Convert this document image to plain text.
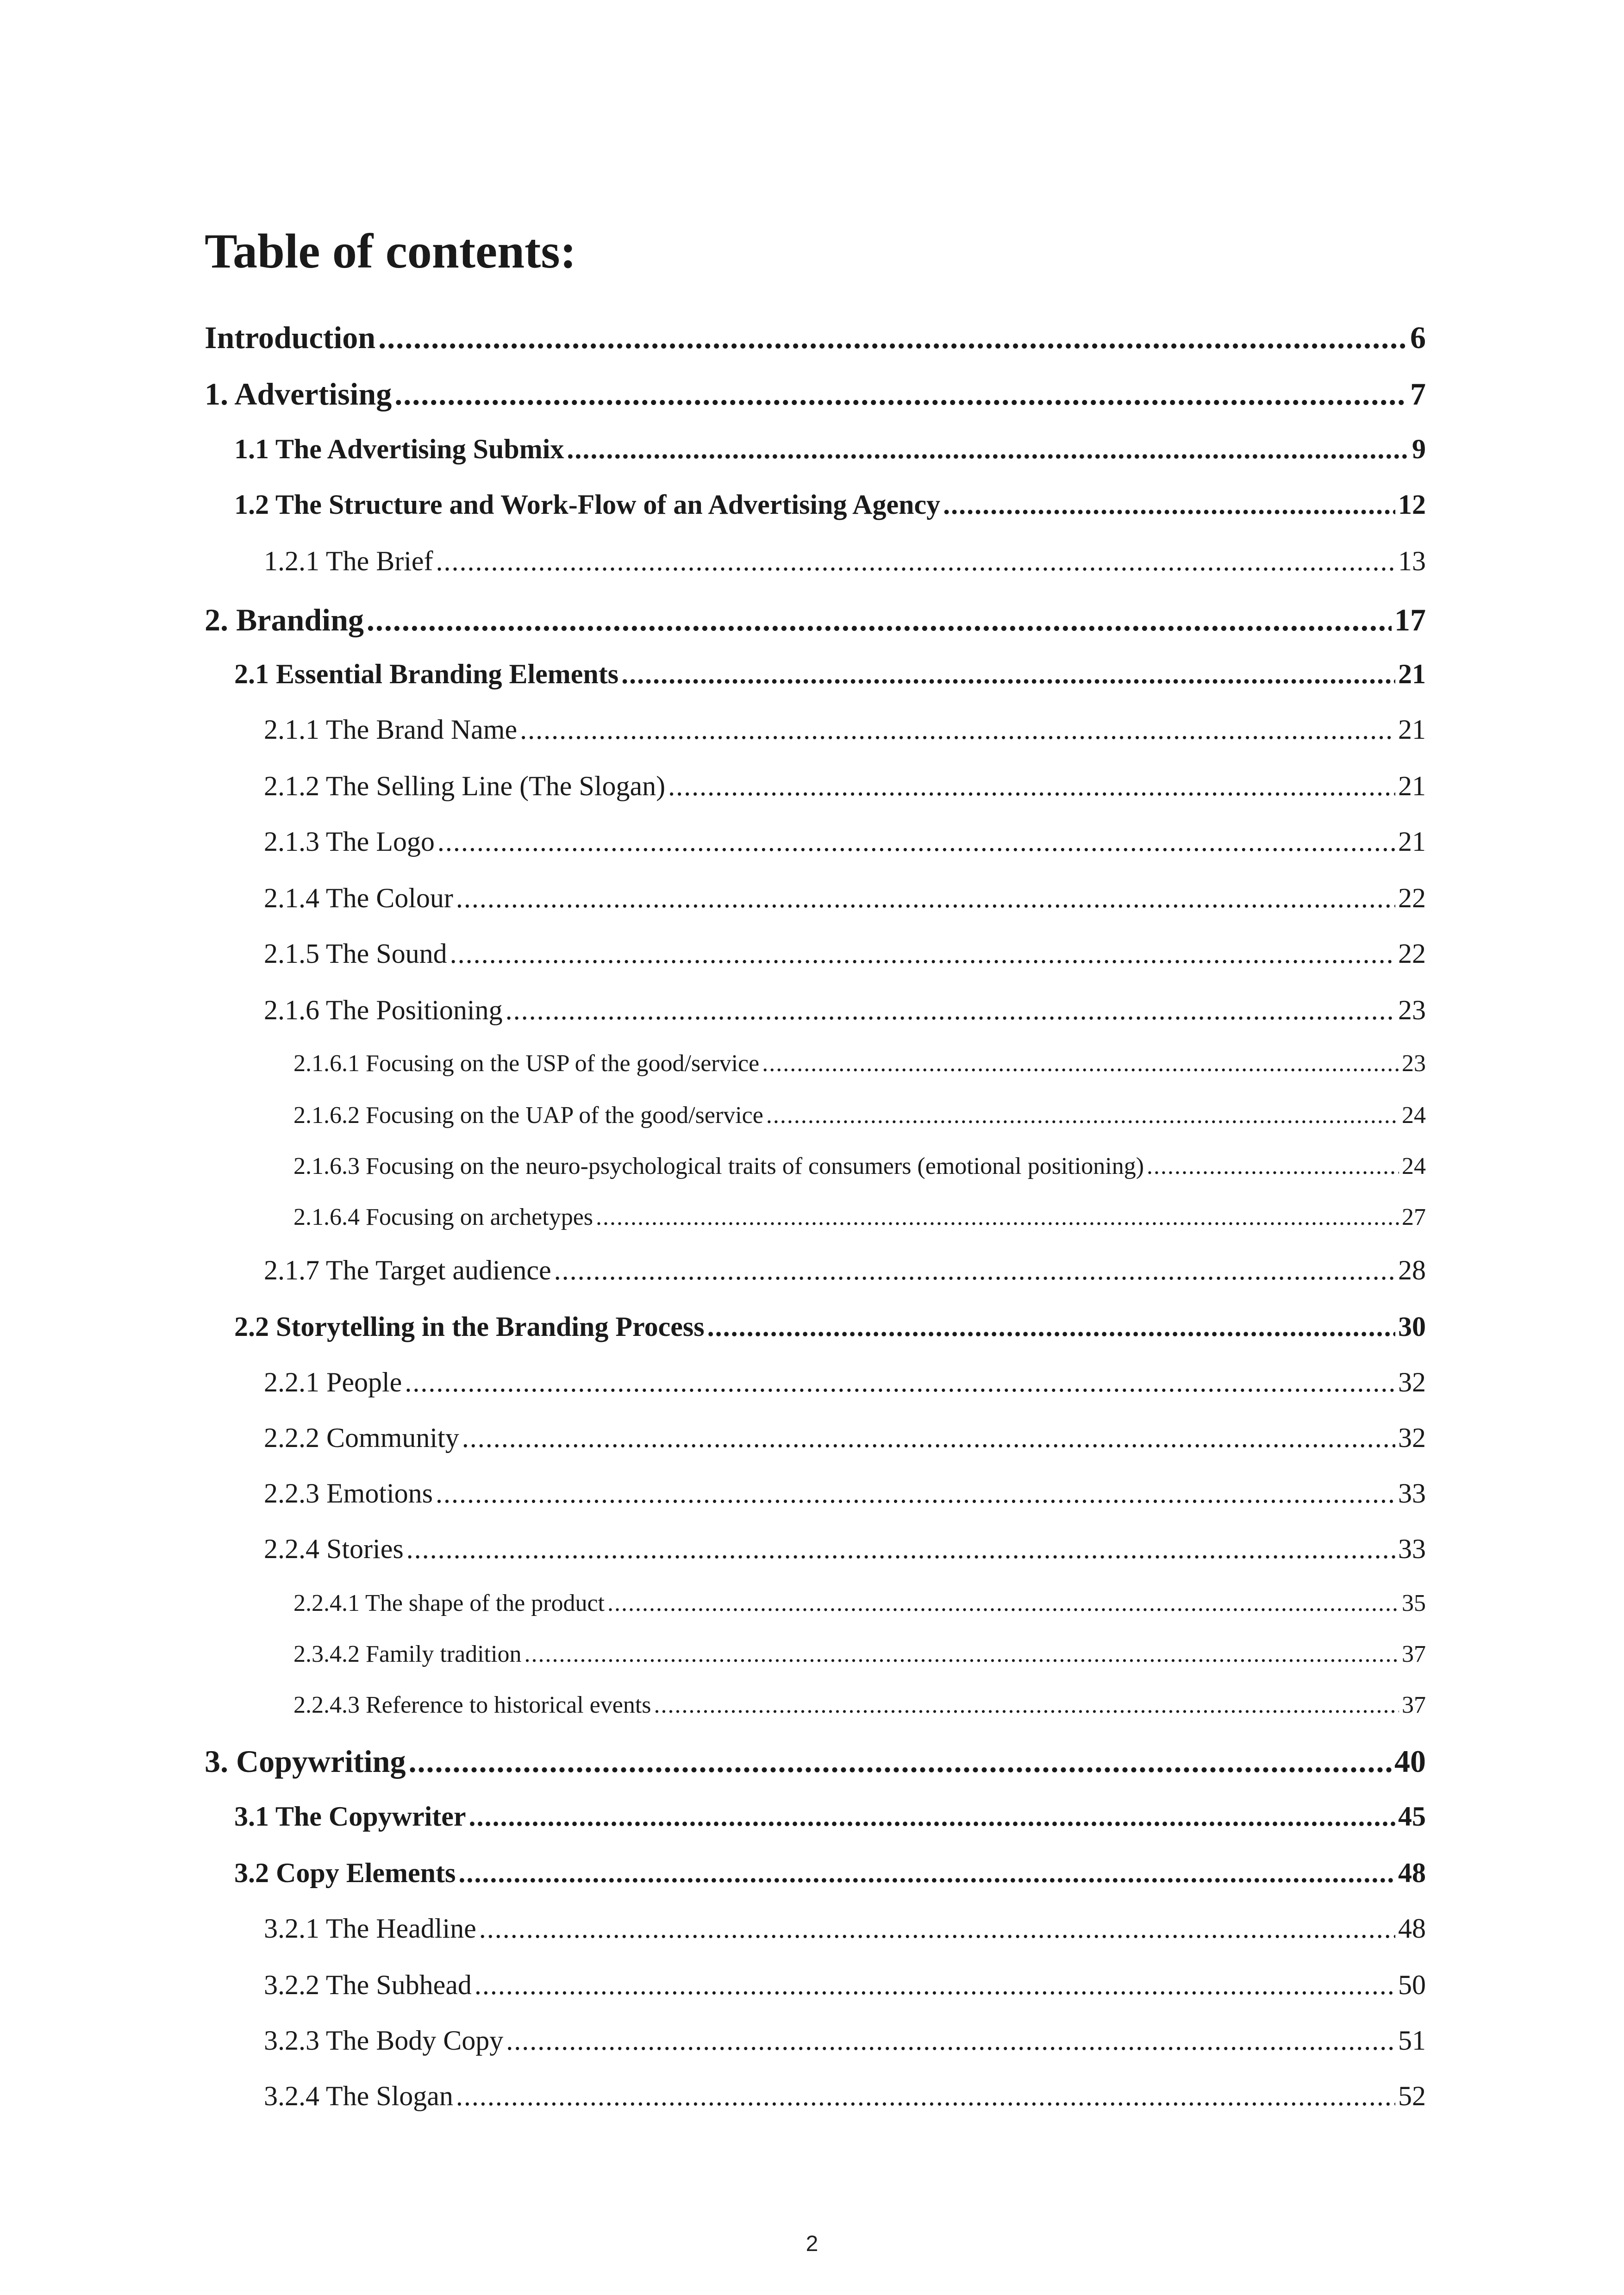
Table of contents:
Introduction .....	6
1. Advertising .....	7
1.1 The Advertising Submix .....	9
1.2 The Structure and Work-Flow of an Advertising Agency .....	12
1.2.1 The Brief .....	13
2. Branding .....	17
2.1 Essential Branding Elements .....	21
2.1.1 The Brand Name .....	21
2.1.2 The Selling Line (The Slogan) .....	21
2.1.3 The Logo .....	21
2.1.4 The Colour .....	22
2.1.5 The Sound .....	22
2.1.6 The Positioning .....	23
2.1.6.1 Focusing on the USP of the good/service .....	23
2.1.6.2 Focusing on the UAP of the good/service .....	24
2.1.6.3 Focusing on the neuro-psychological traits of consumers (emotional positioning) .....	24
2.1.6.4 Focusing on archetypes .....	27
2.1.7 The Target audience .....	28
2.2 Storytelling in the Branding Process .....	30
2.2.1 People .....	32
2.2.2 Community .....	32
2.2.3 Emotions .....	33
2.2.4 Stories .....	33
2.2.4.1 The shape of the product .....	35
2.3.4.2 Family tradition .....	37
2.2.4.3 Reference to historical events .....	37
3. Copywriting .....	40
3.1 The Copywriter .....	45
3.2 Copy Elements .....	48
3.2.1 The Headline .....	48
3.2.2 The Subhead .....	50
3.2.3 The Body Copy .....	51
3.2.4 The Slogan .....	52
2
